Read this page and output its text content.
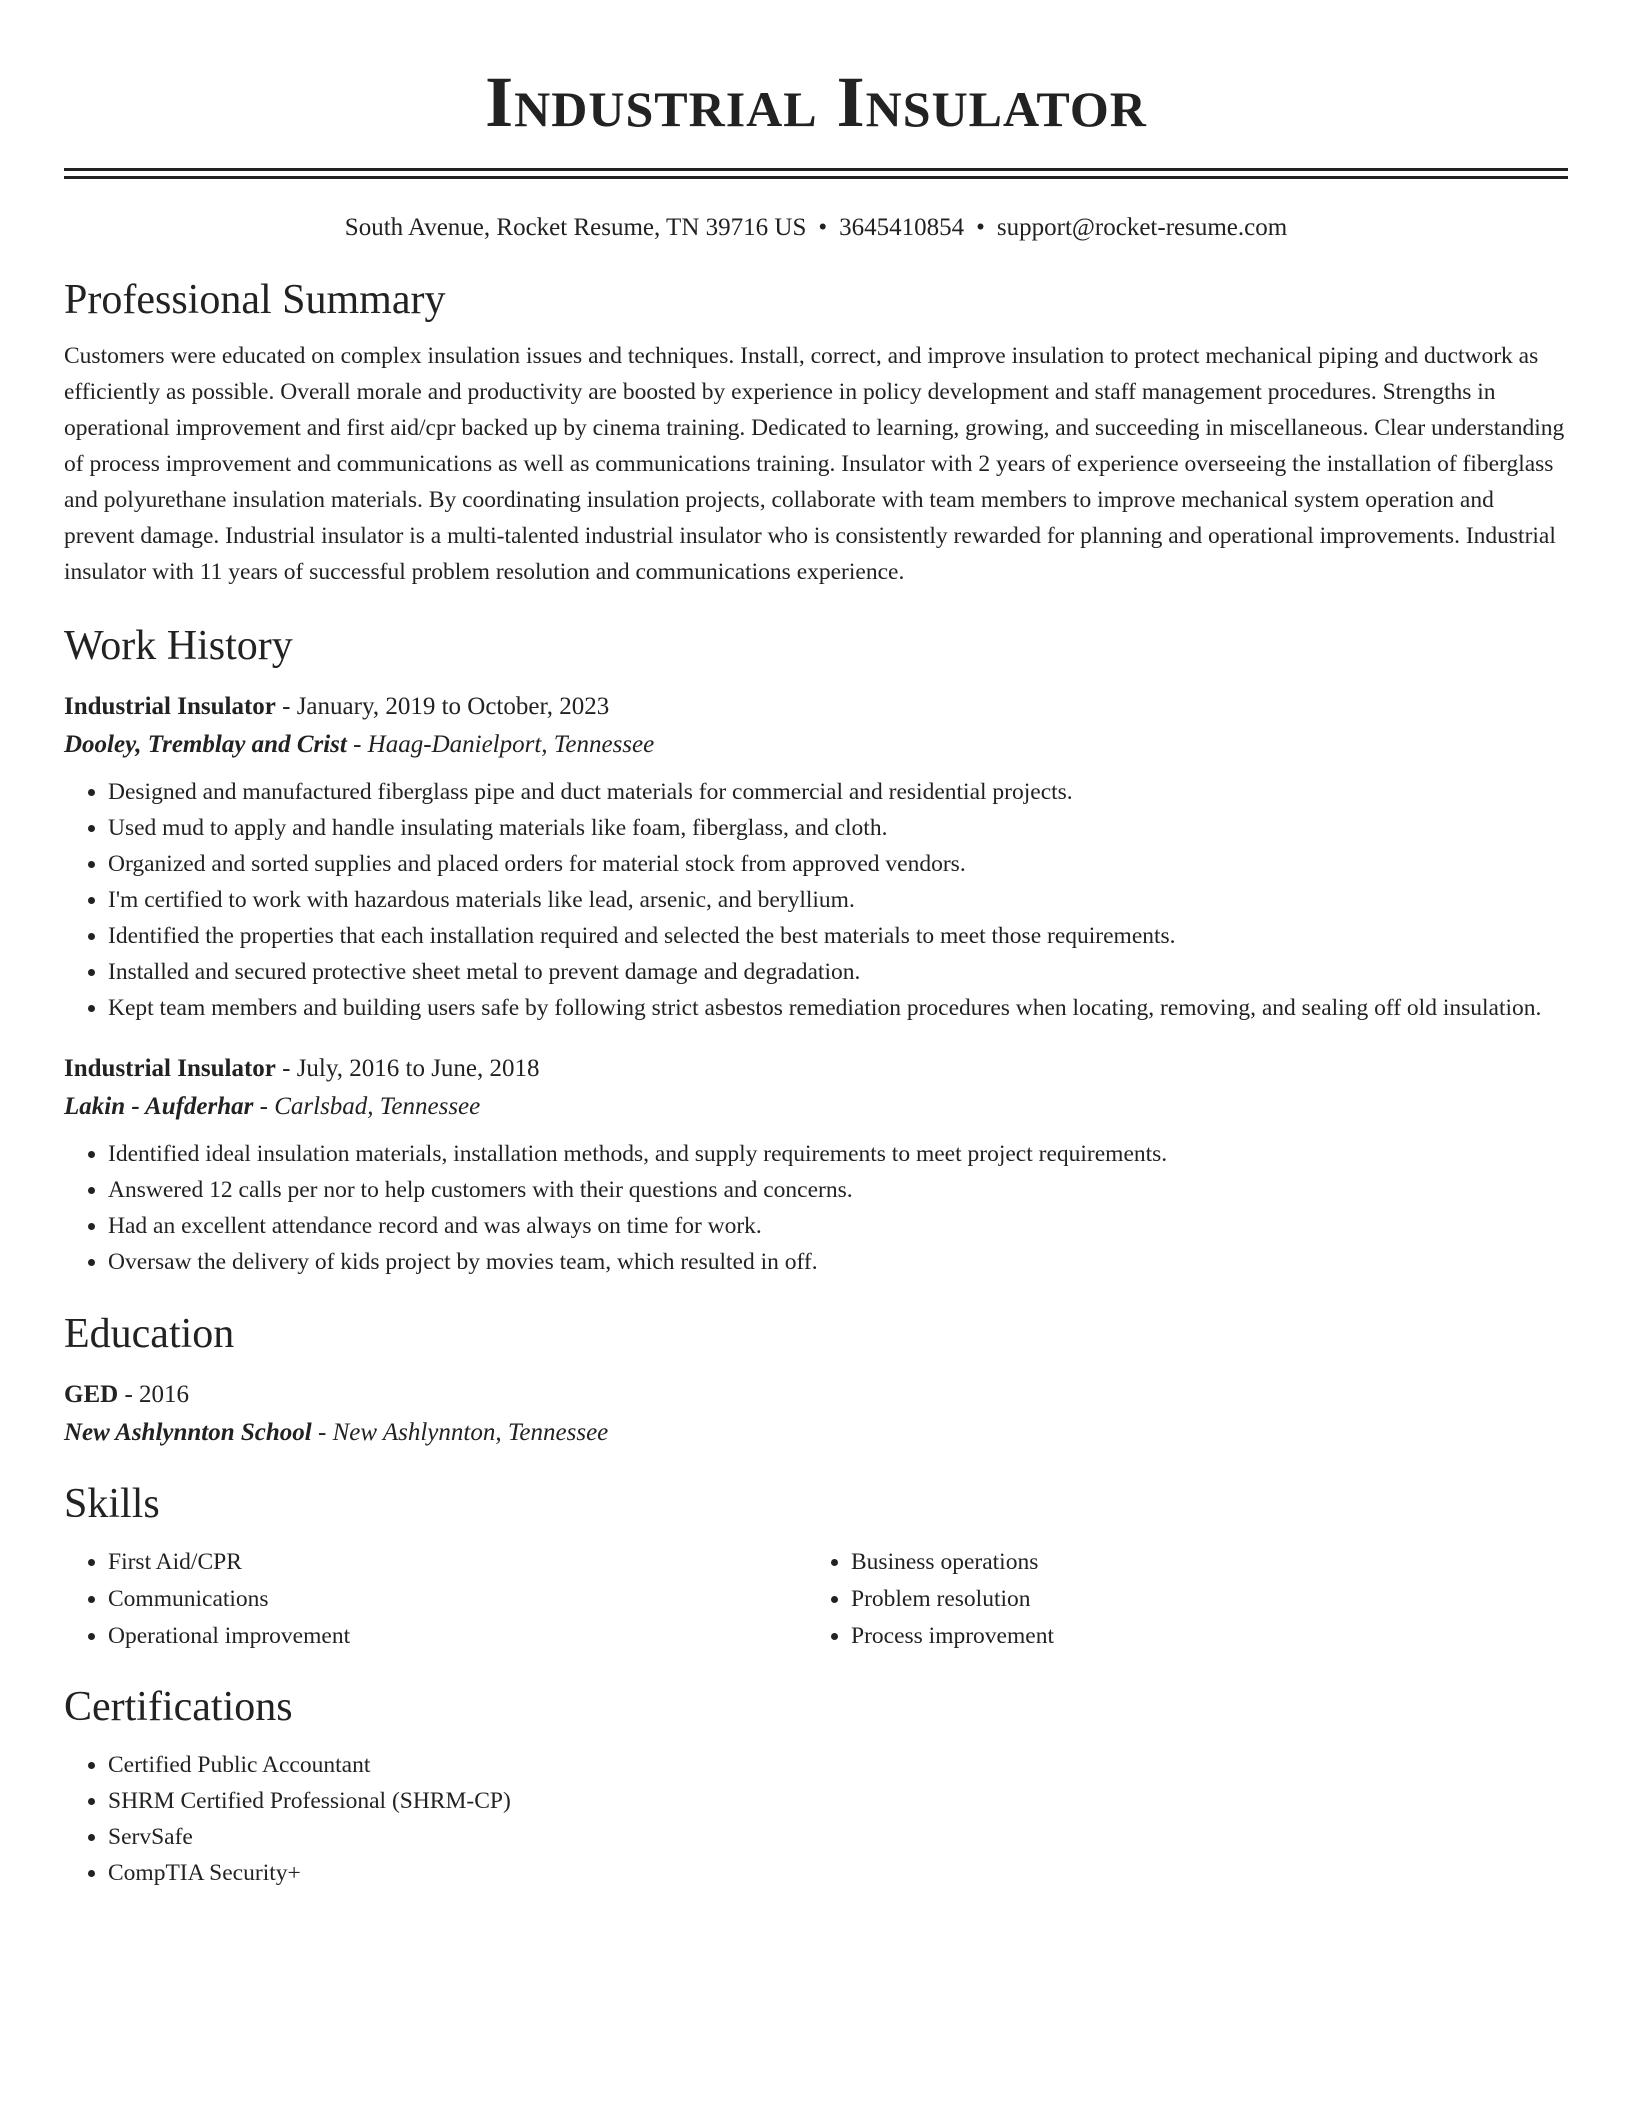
Industrial Insulator
South Avenue, Rocket Resume, TN 39716 US • 3645410854 • support@rocket-resume.com
Professional Summary

Customers were educated on complex insulation issues and techniques. Install, correct, and improve insulation to protect mechanical piping and ductwork as efficiently as possible. Overall morale and productivity are boosted by experience in policy development and staff management procedures. Strengths in operational improvement and first aid/cpr backed up by cinema training. Dedicated to learning, growing, and succeeding in miscellaneous. Clear understanding of process improvement and communications as well as communications training. Insulator with 2 years of experience overseeing the installation of fiberglass and polyurethane insulation materials. By coordinating insulation projects, collaborate with team members to improve mechanical system operation and prevent damage. Industrial insulator is a multi-talented industrial insulator who is consistently rewarded for planning and operational improvements. Industrial insulator with 11 years of successful problem resolution and communications experience.

Work History
Industrial Insulator - January, 2019 to October, 2023
Dooley, Tremblay and Crist - Haag-Danielport, Tennessee
• Designed and manufactured fiberglass pipe and duct materials for commercial and residential projects.
• Used mud to apply and handle insulating materials like foam, fiberglass, and cloth.
• Organized and sorted supplies and placed orders for material stock from approved vendors.
• I'm certified to work with hazardous materials like lead, arsenic, and beryllium.
• Identified the properties that each installation required and selected the best materials to meet those requirements.
• Installed and secured protective sheet metal to prevent damage and degradation.
• Kept team members and building users safe by following strict asbestos remediation procedures when locating, removing, and sealing off old insulation.
Industrial Insulator - July, 2016 to June, 2018
Lakin - Aufderhar - Carlsbad, Tennessee
• Identified ideal insulation materials, installation methods, and supply requirements to meet project requirements.
• Answered 12 calls per nor to help customers with their questions and concerns.
• Had an excellent attendance record and was always on time for work.
• Oversaw the delivery of kids project by movies team, which resulted in off.
Education
GED - 2016
New Ashlynnton School - New Ashlynnton, Tennessee
Skills
• First Aid/CPR
• Communications
• Operational improvement
• Business operations
• Problem resolution
• Process improvement
Certifications
• Certified Public Accountant
• SHRM Certified Professional (SHRM-CP)
• ServSafe
• CompTIA Security+
